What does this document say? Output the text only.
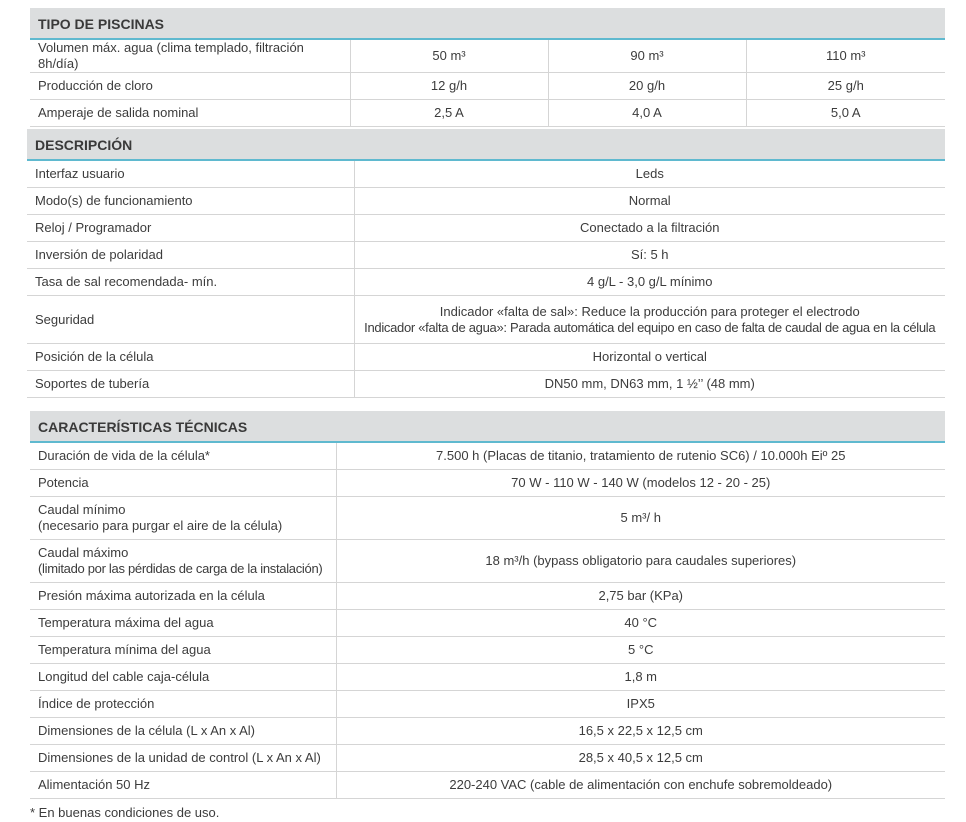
TIPO DE PISCINAS
Volumen máx. agua (clima templado, filtración 8h/día)	50 m³	90 m³	110 m³
Producción de cloro	12 g/h	20 g/h	25 g/h
Amperaje de salida nominal	2,5 A	4,0 A	5,0 A
DESCRIPCIÓN
Interfaz usuario	Leds
Modo(s) de funcionamiento	Normal
Reloj / Programador	Conectado a la filtración
Inversión de polaridad	Sí: 5 h
Tasa de sal recomendada- mín.	4 g/L - 3,0 g/L mínimo
Seguridad	Indicador «falta de sal»: Reduce la producción para proteger el electrodo
Indicador «falta de agua»: Parada automática del equipo en caso de falta de caudal de agua en la célula

Posición de la célula	Horizontal o vertical
Soportes de tubería	DN50 mm, DN63 mm, 1 ½’’ (48 mm)
CARACTERÍSTICAS TÉCNICAS
Duración de vida de la célula*	7.500 h (Placas de titanio, tratamiento de rutenio SC6) / 10.000h Eiº 25
Potencia	70 W - 110 W - 140 W (modelos 12 - 20 - 25)

Caudal mínimo
(necesario para purgar el aire de la célula)	5 m³/ h

Caudal máximo
(limitado por las pérdidas de carga de la instalación)	18 m³/h (bypass obligatorio para caudales superiores)
Presión máxima autorizada en la célula	2,75 bar (KPa)
Temperatura máxima del agua	40 °C
Temperatura mínima del agua	5 °C
Longitud del cable caja-célula	1,8 m
Índice de protección	IPX5
Dimensiones de la célula (L x An x Al)	16,5 x 22,5 x 12,5 cm
Dimensiones de la unidad de control (L x An x Al)	28,5 x 40,5 x 12,5 cm
Alimentación 50 Hz	220-240 VAC (cable de alimentación con enchufe sobremoldeado)
* En buenas condiciones de uso.
